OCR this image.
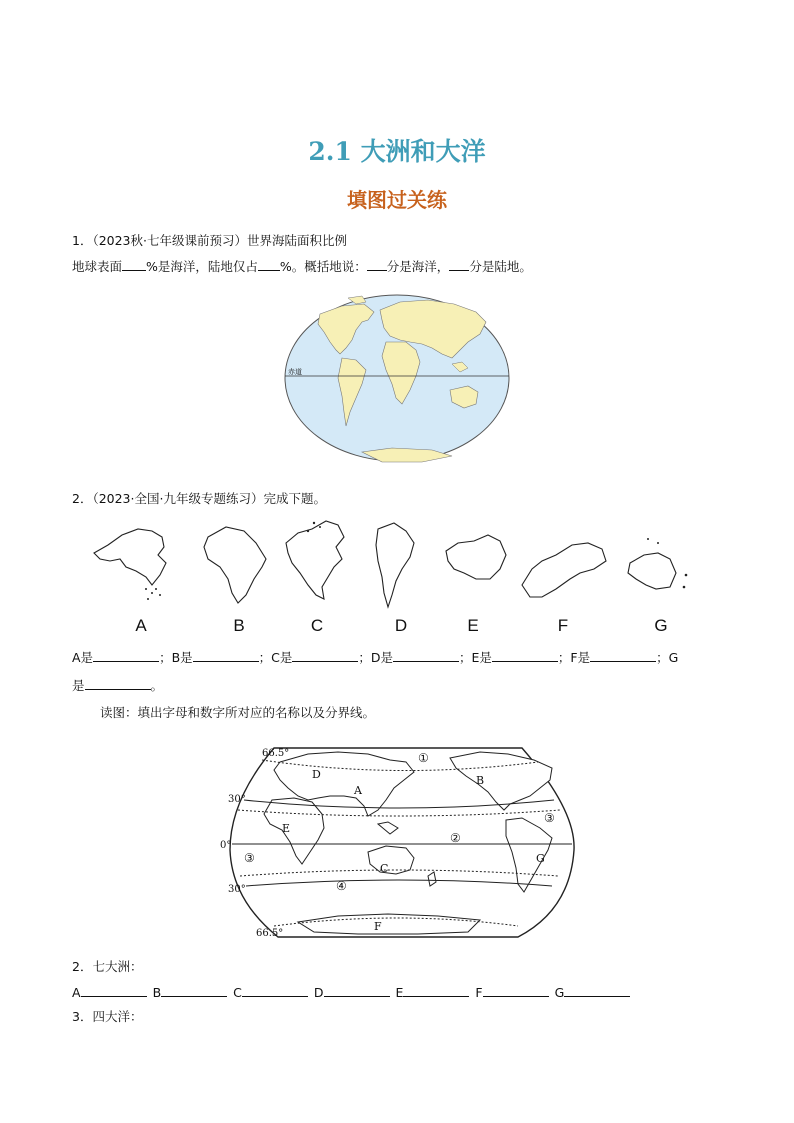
2.1 大洲和大洋
填图过关练
1．（2023秋·七年级课前预习）世界海陆面积比例
地球表面 %是海洋，陆地仅占 %。概括地说： 分是海洋， 分是陆地。
赤道
2．（2023·全国·九年级专题练习）完成下题。
A	B	C	D	E	F	G
A是	；B是	；C是	；D是	；E是	；F是	；G
是	。
读图：填出字母和数字所对应的名称以及分界线。
66.5°
30°
0°
30°
66.5°
A
B
C
D
E
F
G
①
②
③
④
③
2．七大洲：
A	B	C	D	E	F	G
3．四大洋：
